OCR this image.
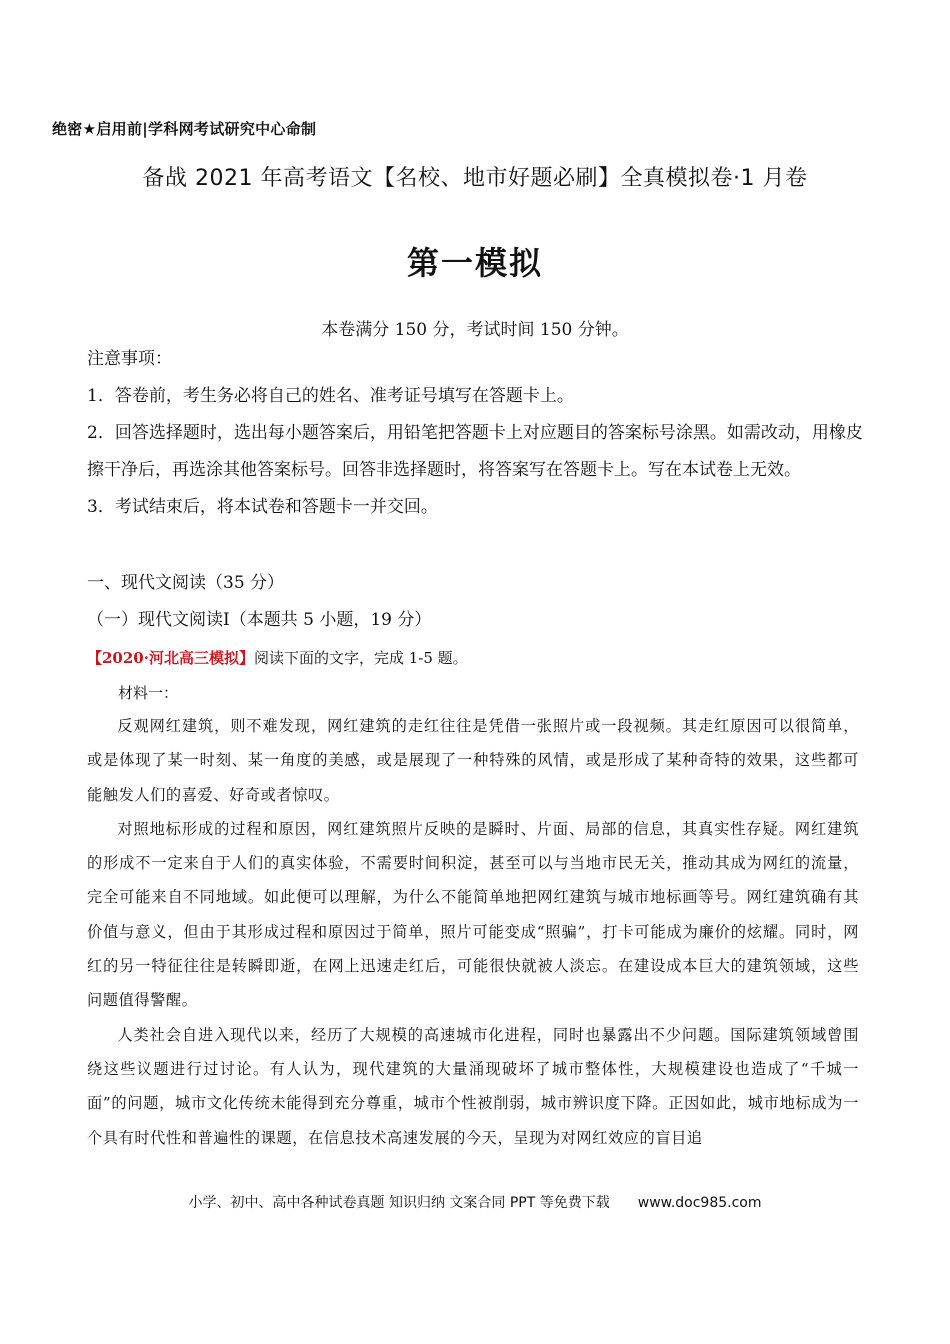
绝密★启用前|学科网考试研究中心命制
备战 2021 年高考语文【名校、地市好题必刷】全真模拟卷·1 月卷
第一模拟
本卷满分 150 分，考试时间 150 分钟。

注意事项：

1．答卷前，考生务必将自己的姓名、准考证号填写在答题卡上。

2．回答选择题时，选出每小题答案后，用铅笔把答题卡上对应题目的答案标号涂黑。如需改动，用橡皮擦干净后，再选涂其他答案标号。回答非选择题时，将答案写在答题卡上。写在本试卷上无效。

3．考试结束后，将本试卷和答题卡一并交回。

一、现代文阅读（35 分）

（一）现代文阅读Ⅰ（本题共 5 小题，19 分）

【2020·河北高三模拟】阅读下面的文字，完成 1-5 题。
材料一：

反观网红建筑，则不难发现，网红建筑的走红往往是凭借一张照片或一段视频。其走红原因可以很简单，或是体现了某一时刻、某一角度的美感，或是展现了一种特殊的风情，或是形成了某种奇特的效果，这些都可能触发人们的喜爱、好奇或者惊叹。

对照地标形成的过程和原因，网红建筑照片反映的是瞬时、片面、局部的信息，其真实性存疑。网红建筑的形成不一定来自于人们的真实体验，不需要时间积淀，甚至可以与当地市民无关，推动其成为网红的流量，完全可能来自不同地域。如此便可以理解，为什么不能简单地把网红建筑与城市地标画等号。网红建筑确有其价值与意义，但由于其形成过程和原因过于简单，照片可能变成“照骗”，打卡可能成为廉价的炫耀。同时，网红的另一特征往往是转瞬即逝，在网上迅速走红后，可能很快就被人淡忘。在建设成本巨大的建筑领域，这些问题值得警醒。

人类社会自进入现代以来，经历了大规模的高速城市化进程，同时也暴露出不少问题。国际建筑领域曾围绕这些议题进行过讨论。有人认为，现代建筑的大量涌现破坏了城市整体性，大规模建设也造成了“千城一面”的问题，城市文化传统未能得到充分尊重，城市个性被削弱，城市辨识度下降。正因如此，城市地标成为一个具有时代性和普遍性的课题，在信息技术高速发展的今天，呈现为对网红效应的盲目追

小学、初中、高中各种试卷真题 知识归纳 文案合同 PPT 等免费下载 www.doc985.com
